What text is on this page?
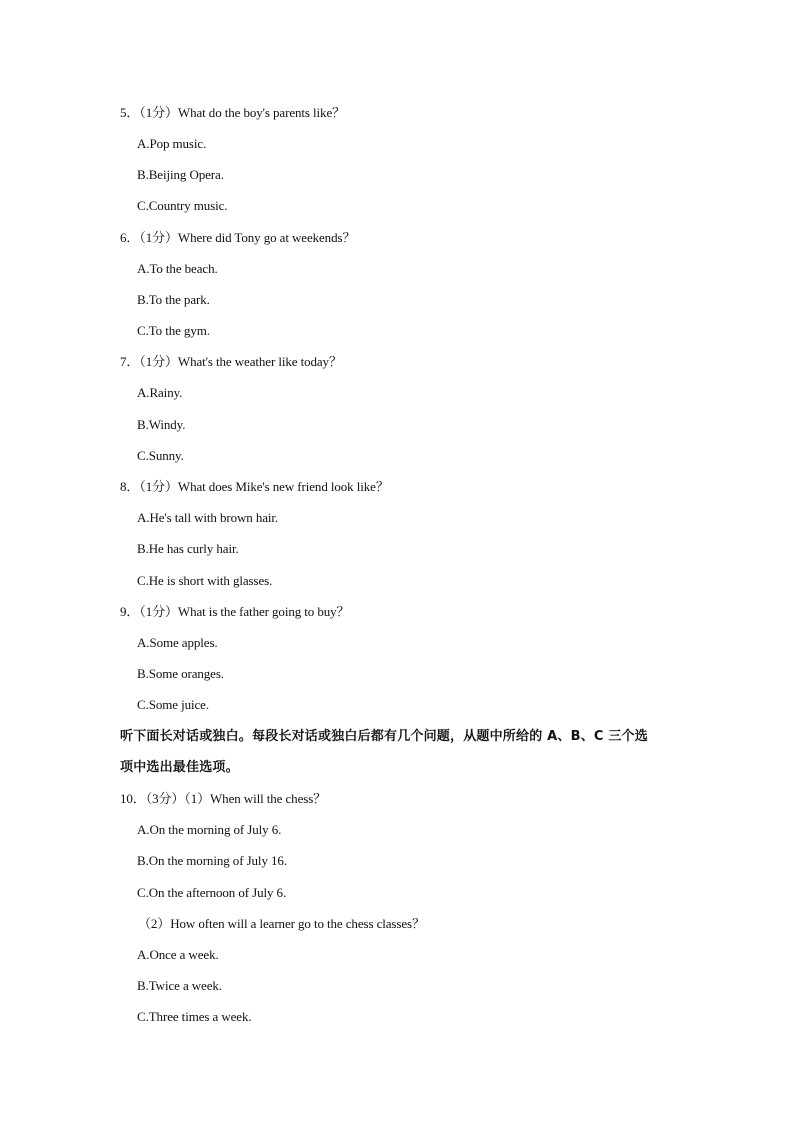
5．（1分）What do the boy's parents like？
A.Pop music.
B.Beijing Opera.
C.Country music.
6．（1分）Where did Tony go at weekends？
A.To the beach.
B.To the park.
C.To the gym.
7．（1分）What's the weather like today？
A.Rainy.
B.Windy.
C.Sunny.
8．（1分）What does Mike's new friend look like？
A.He's tall with brown hair.
B.He has curly hair.
C.He is short with glasses.
9．（1分）What is the father going to buy？
A.Some apples.
B.Some oranges.
C.Some juice.
听下面长对话或独白。每段长对话或独白后都有几个问题，从题中所给的 A、B、C 三个选
项中选出最佳选项。
10．（3分）（1）When will the chess？
A.On the morning of July 6.
B.On the morning of July 16.
C.On the afternoon of July 6.
（2）How often will a learner go to the chess classes？
A.Once a week.
B.Twice a week.
C.Three times a week.
